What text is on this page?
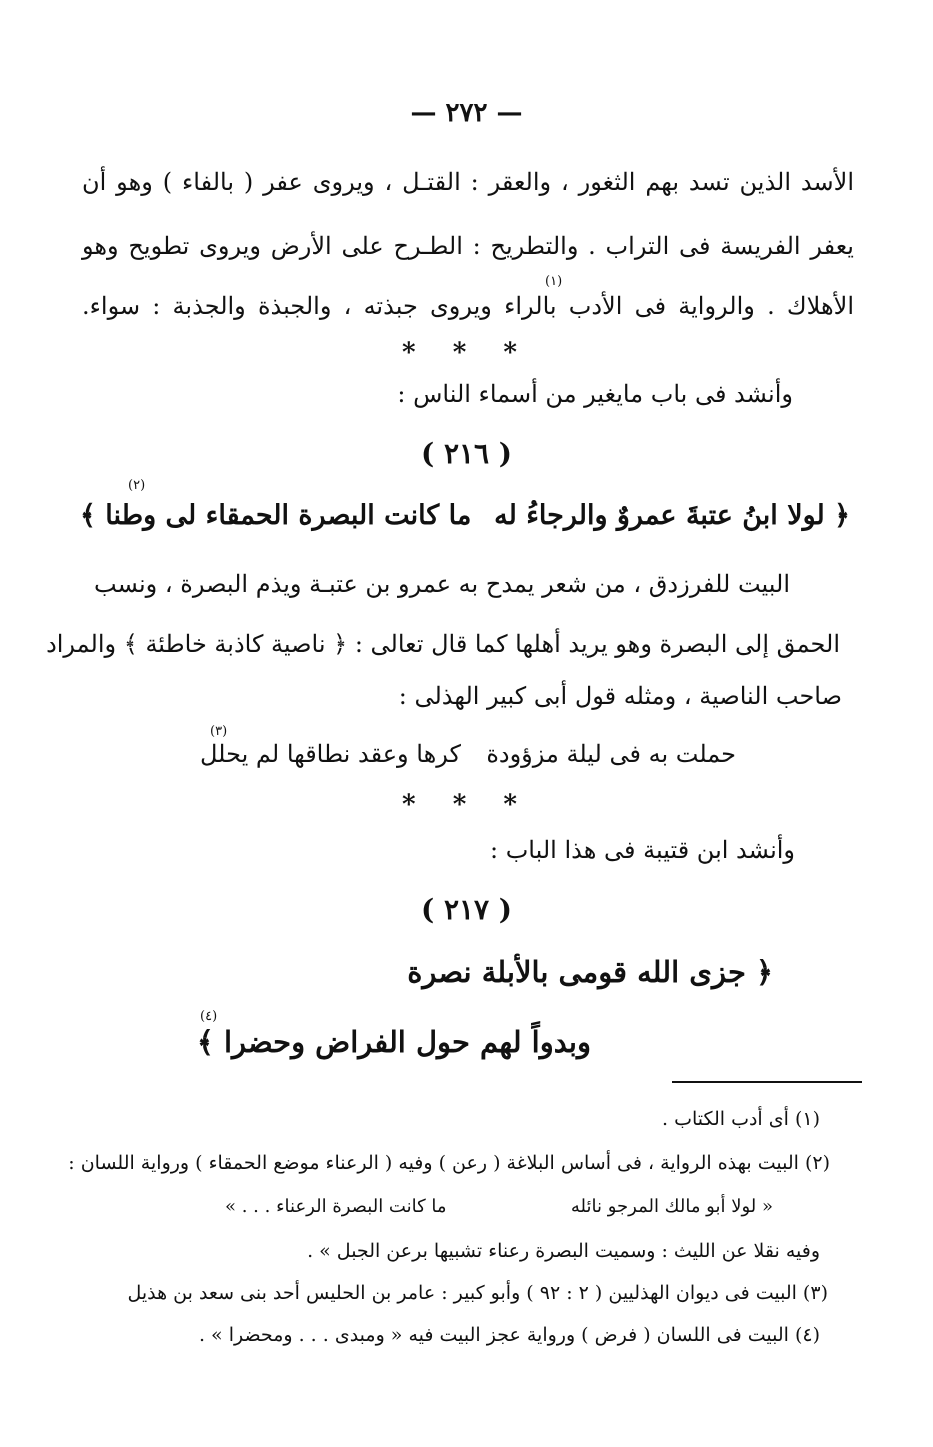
— ٢٧٢ —
الأسد الذين تسد بهم الثغور ، والعقر : القتـل ، ويروى عفر ( بالفاء ) وهو أن
يعفر الفريسة فى التراب . والتطريح : الطـرح على الأرض ويروى تطويح وهو
الأهلاك . والرواية فى الأدب بالراء ويروى جبذته ، والجبذة والجذبة : سواء.
(١)
* * *
وأنشد فى باب مايغير من أسماء الناس :
( ٢١٦ )
﴿ لولا ابنُ عتبةَ عمروٌ والرجاءُ له
ما كانت البصرة الحمقاء لى وطنا ﴾
(٢)
البيت للفرزدق ، من شعر يمدح به عمرو بن عتبـة ويذم البصرة ، ونسب
الحمق إلى البصرة وهو يريد أهلها كما قال تعالى : ﴿ ناصية كاذبة خاطئة ﴾ والمراد
صاحب الناصية ، ومثله قول أبى كبير الهذلى :
حملت به فى ليلة مزؤودة
كرها وعقد نطاقها لم يحلل
(٣)
* * *
وأنشد ابن قتيبة فى هذا الباب :
( ٢١٧ )
﴿ جزى الله قومى بالأبلة نصرة
وبدواً لهم حول الفراض وحضرا ﴾
(٤)
(١) أى أدب الكتاب .
(٢) البيت بهذه الرواية ، فى أساس البلاغة ( رعن ) وفيه ( الرعناء موضع الحمقاء ) ورواية اللسان :
« لولا أبو مالك المرجو نائله
ما كانت البصرة الرعناء . . . »
وفيه نقلا عن الليث : وسميت البصرة رعناء تشبيها برعن الجبل » .
(٣) البيت فى ديوان الهذليين ( ٢ : ٩٢ ) وأبو كبير : عامر بن الحليس أحد بنى سعد بن هذيل
(٤) البيت فى اللسان ( فرض ) ورواية عجز البيت فيه « ومبدى . . . ومحضرا » .
